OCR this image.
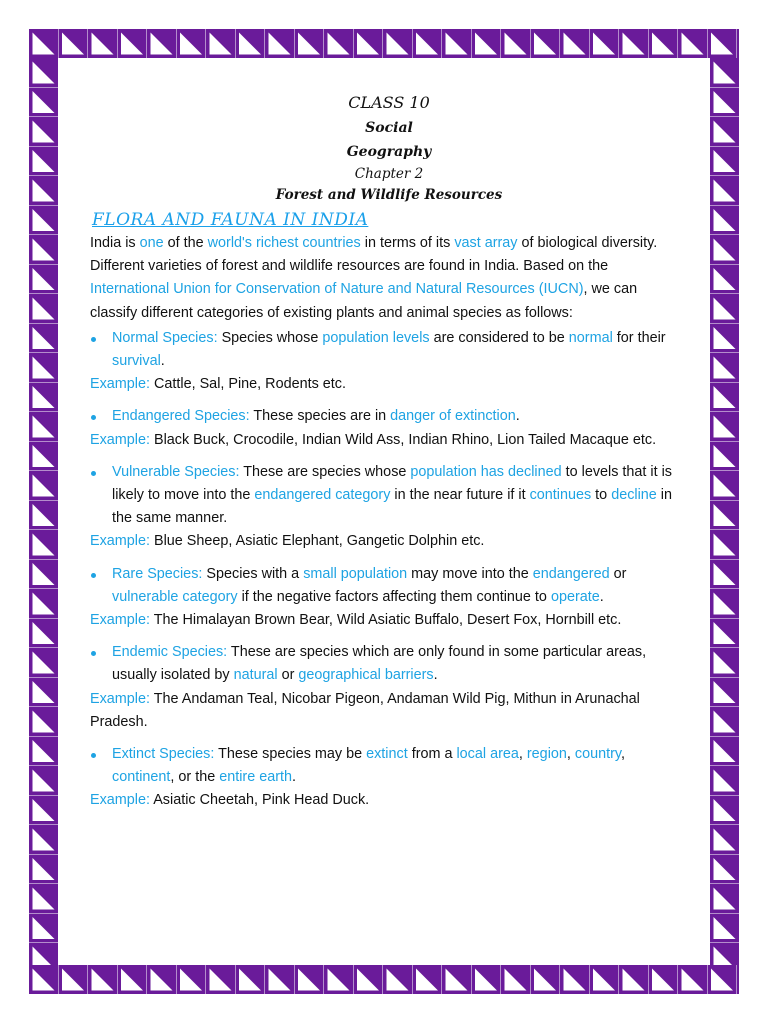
CLASS 10

Social

Geography

Chapter 2

Forest and Wildlife Resources

FLORA AND FAUNA IN INDIA

India is one of the world's richest countries in terms of its vast array of biological diversity. Different varieties of forest and wildlife resources are found in India. Based on the International Union for Conservation of Nature and Natural Resources (IUCN), we can classify different categories of existing plants and animal species as follows:

Normal Species: Species whose population levels are considered to be normal for their survival.

Example: Cattle, Sal, Pine, Rodents etc.

Endangered Species: These species are in danger of extinction.

Example: Black Buck, Crocodile, Indian Wild Ass, Indian Rhino, Lion Tailed Macaque etc.

Vulnerable Species: These are species whose population has declined to levels that it is likely to move into the endangered category in the near future if it continues to decline in the same manner.

Example: Blue Sheep, Asiatic Elephant, Gangetic Dolphin etc.

Rare Species: Species with a small population may move into the endangered or vulnerable category if the negative factors affecting them continue to operate.

Example: The Himalayan Brown Bear, Wild Asiatic Buffalo, Desert Fox, Hornbill etc.

Endemic Species: These are species which are only found in some particular areas, usually isolated by natural or geographical barriers.

Example: The Andaman Teal, Nicobar Pigeon, Andaman Wild Pig, Mithun in Arunachal Pradesh.

Extinct Species: These species may be extinct from a local area, region, country, continent, or the entire earth.

Example: Asiatic Cheetah, Pink Head Duck.
